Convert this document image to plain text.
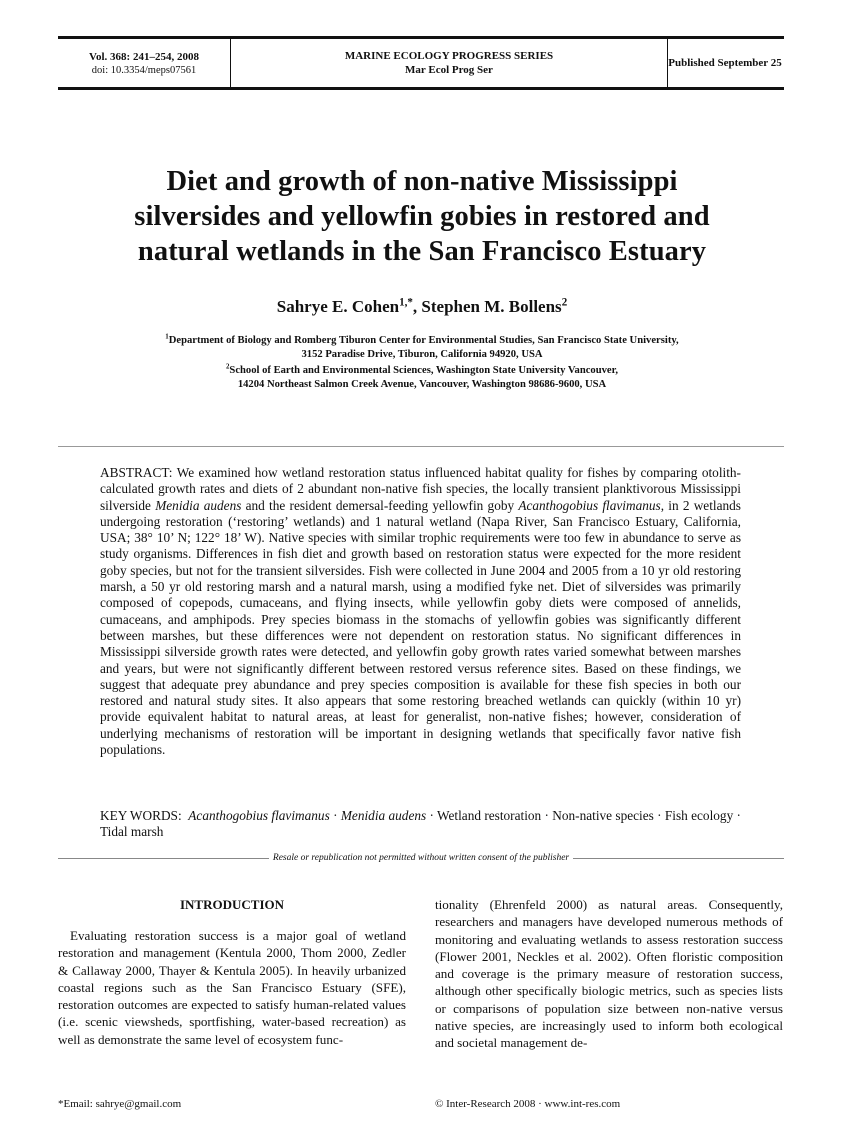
Vol. 368: 241–254, 2008
doi: 10.3354/meps07561
MARINE ECOLOGY PROGRESS SERIES
Mar Ecol Prog Ser
Published September 25
Diet and growth of non-native Mississippi
silversides and yellowfin gobies in restored and
natural wetlands in the San Francisco Estuary
Sahrye E. Cohen$^{1,*}$, Stephen M. Bollens$^2$
$^1$Department of Biology and Romberg Tiburon Center for Environmental Studies, San Francisco State University,
3152 Paradise Drive, Tiburon, California 94920, USA
$^2$School of Earth and Environmental Sciences, Washington State University Vancouver,
14204 Northeast Salmon Creek Avenue, Vancouver, Washington 98686-9600, USA
ABSTRACT: We examined how wetland restoration status influenced habitat quality for fishes by comparing otolith-calculated growth rates and diets of 2 abundant non-native fish species, the locally transient planktivorous Mississippi silverside Menidia audens and the resident demersal-feeding yellowfin goby Acanthogobius flavimanus, in 2 wetlands undergoing restoration (‘restoring’ wetlands) and 1 natural wetland (Napa River, San Francisco Estuary, California, USA; 38° 10’ N; 122° 18’ W). Native species with similar trophic requirements were too few in abundance to serve as study organisms. Differences in fish diet and growth based on restoration status were expected for the more resident goby species, but not for the transient silversides. Fish were collected in June 2004 and 2005 from a 10 yr old restoring marsh, a 50 yr old restoring marsh and a natural marsh, using a modified fyke net. Diet of silversides was primarily composed of copepods, cumaceans, and flying insects, while yellowfin goby diets were composed of annelids, cumaceans, and amphipods. Prey species biomass in the stomachs of yellowfin gobies was significantly different between marshes, but these differences were not dependent on restoration status. No significant differences in Mississippi silverside growth rates were detected, and yellowfin goby growth rates varied somewhat between marshes and years, but were not significantly different between restored versus reference sites. Based on these findings, we suggest that adequate prey abundance and prey species composition is available for these fish species in both our restored and natural study sites. It also appears that some restoring breached wetlands can quickly (within 10 yr) provide equivalent habitat to natural areas, at least for generalist, non-native fishes; however, consideration of underlying mechanisms of restoration will be important in designing wetlands that specifically favor native fish populations.
KEY WORDS: Acanthogobius flavimanus · Menidia audens · Wetland restoration · Non-native species · Fish ecology · Tidal marsh
Resale or republication not permitted without written consent of the publisher
INTRODUCTION

Evaluating restoration success is a major goal of wetland restoration and management (Kentula 2000, Thom 2000, Zedler & Callaway 2000, Thayer & Kentula 2005). In heavily urbanized coastal regions such as the San Francisco Estuary (SFE), restoration outcomes are expected to satisfy human-related values (i.e. scenic viewsheds, sportfishing, water-based recreation) as well as demonstrate the same level of ecosystem func-

tionality (Ehrenfeld 2000) as natural areas. Consequently, researchers and managers have developed numerous methods of monitoring and evaluating wetlands to assess restoration success (Flower 2001, Neckles et al. 2002). Often floristic composition and coverage is the primary measure of restoration success, although other specifically biologic metrics, such as species lists or comparisons of population size between non-native versus native species, are increasingly used to inform both ecological and societal management de-

*Email: sahrye@gmail.com	© Inter-Research 2008 · www.int-res.com
